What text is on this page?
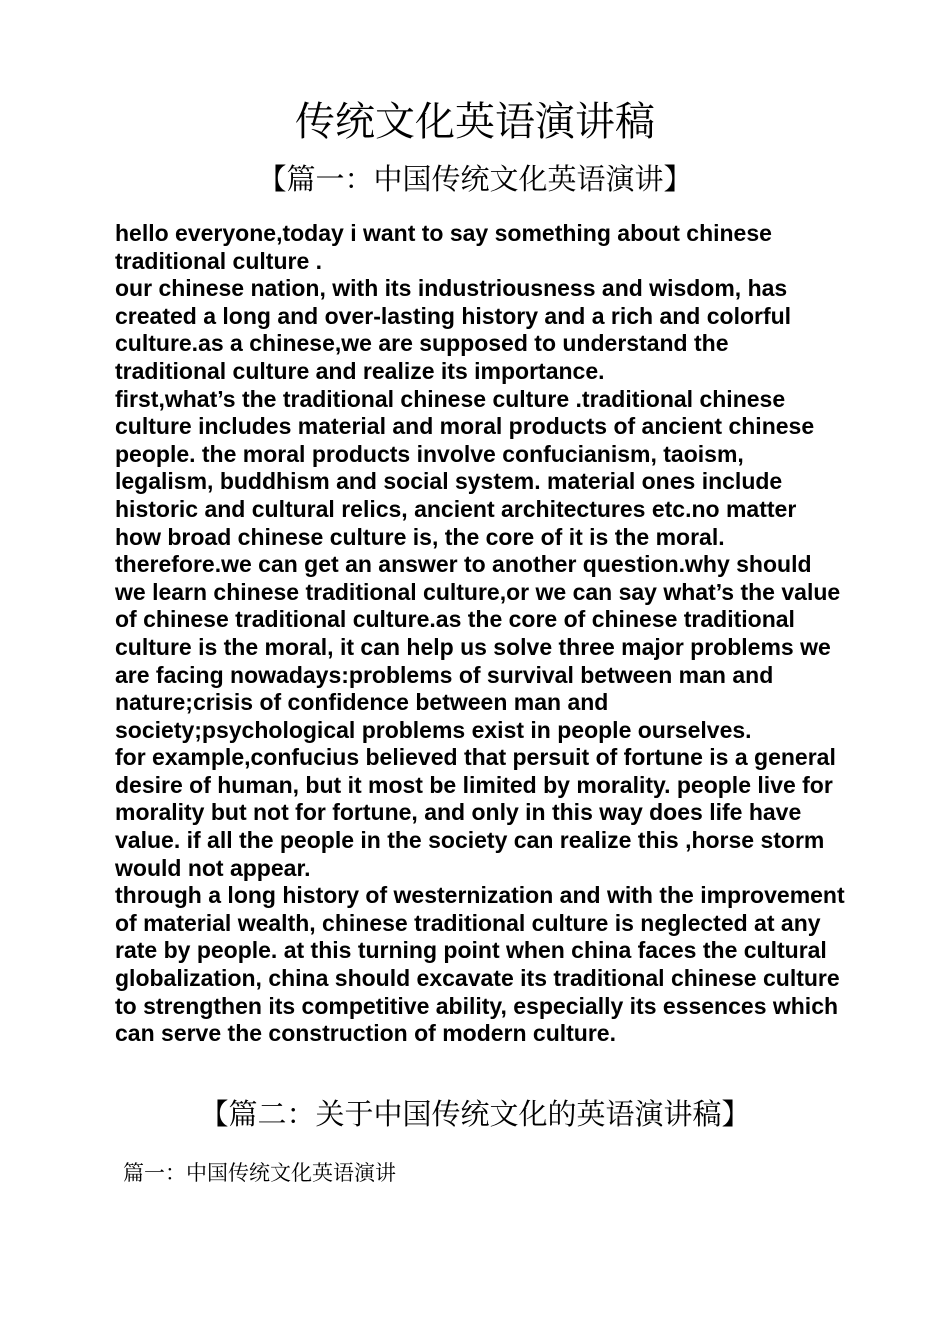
传统文化英语演讲稿
【篇一：中国传统文化英语演讲】

hello everyone,today i want to say something about chinese traditional culture .

our chinese nation, with its industriousness and wisdom, has created a long and over-lasting history and a rich and colorful culture.as a chinese,we are supposed to understand the traditional culture and realize its importance.

first,what’s the traditional chinese culture .traditional chinese culture includes material and moral products of ancient chinese people. the moral products involve confucianism, taoism, legalism, buddhism and social system. material ones include historic and cultural relics, ancient architectures etc.no matter how broad chinese culture is, the core of it is the moral.

therefore.we can get an answer to another question.why should we learn chinese traditional culture,or we can say what’s the value of chinese traditional culture.as the core of chinese traditional culture is the moral, it can help us solve three major problems we are facing nowadays:problems of survival between man and nature;crisis of confidence between man and society;psychological problems exist in people ourselves.

for example,confucius believed that persuit of fortune is a general desire of human, but it most be limited by morality. people live for morality but not for fortune, and only in this way does life have value. if all the people in the society can realize this ,horse storm would not appear.

through a long history of westernization and with the improvement of material wealth, chinese traditional culture is neglected at any rate by people. at this turning point when china faces the cultural globalization, china should excavate its traditional chinese culture to strengthen its competitive ability, especially its essences which can serve the construction of modern culture.

【篇二：关于中国传统文化的英语演讲稿】
篇一：中国传统文化英语演讲
